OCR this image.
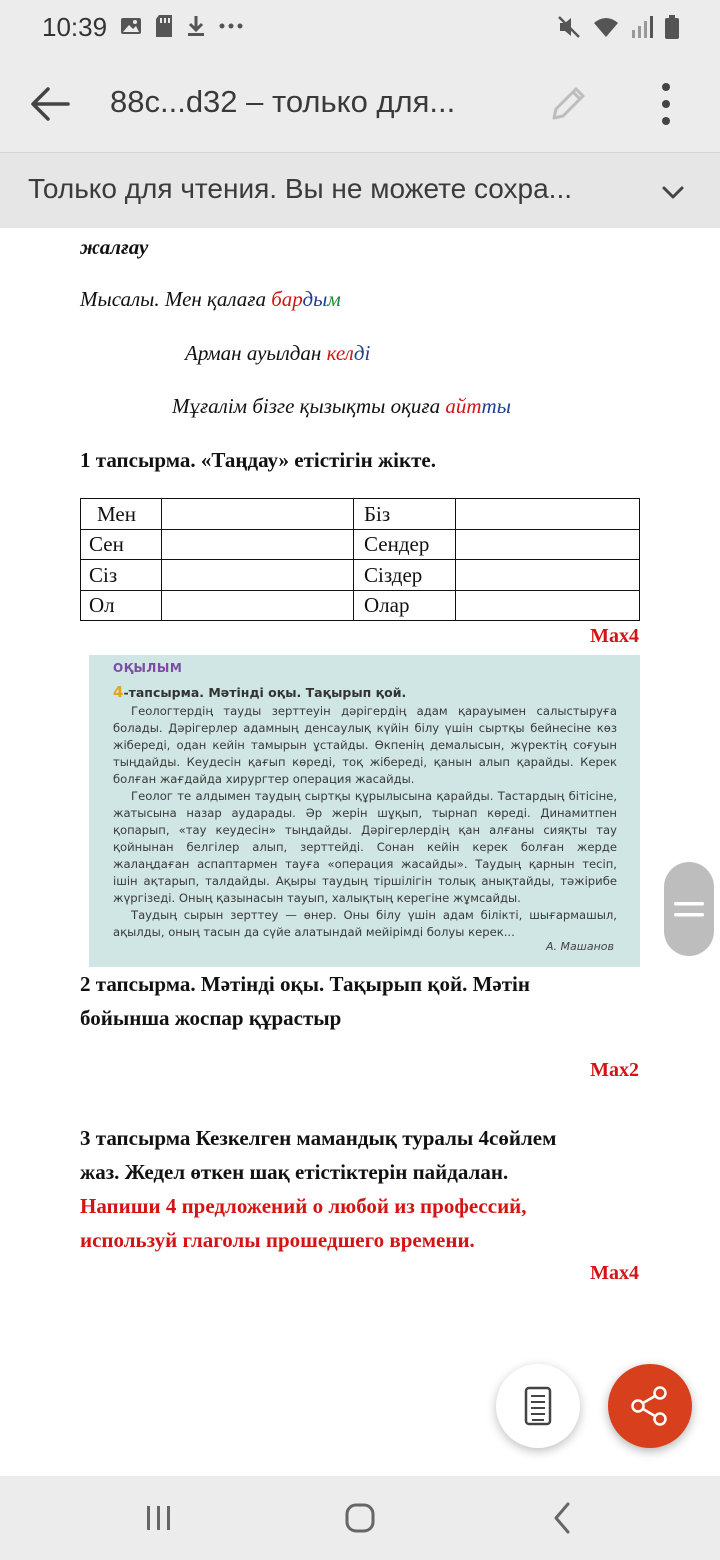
10:39
88c...d32 – только для...
Только для чтения. Вы не можете сохра...
жалғау
Мысалы. Мен қалаға бардым
Арман ауылдан келді
Мұғалім бізге қызықты оқиға айтты
1 тапсырма. «Таңдау» етістігін жікте.
Мен		Біз	
Сен		Сендер	
Сіз		Сіздер	
Ол		Олар	
Max4
ОҚЫЛЫМ
4-тапсырма. Мәтінді оқы. Тақырып қой.

Геологтердің тауды зерттеуін дәрігердің адам қарауымен салыстыруға болады. Дәрігерлер адамның денсаулық күйін білу үшін сыртқы бейнесіне көз жібереді, одан кейін тамырын ұстайды. Өкпенің демалысын, жүректің соғуын тыңдайды. Кеудесін қағып көреді, тоқ жібереді, қанын алып қарайды. Керек болған жағдайда хирургтер операция жасайды.

Геолог те алдымен таудың сыртқы құрылысына қарайды. Тастардың бітісіне, жатысына назар аударады. Әр жерін шұқып, тырнап көреді. Динамитпен қопарып, «тау кеудесін» тыңдайды. Дәрігерлердің қан алғаны сияқты тау қойнынан белгілер алып, зерттейді. Сонан кейін керек болған жерде жалаңдаған аспаптармен тауға «операция жасайды». Таудың қарнын тесіп, ішін ақтарып, талдайды. Ақыры таудың тіршілігін толық анықтайды, тәжірибе жүргізеді. Оның қазынасын тауып, халықтың керегіне жұмсайды.

Таудың сырын зерттеу — өнер. Оны білу үшін адам білікті, шығармашыл, ақылды, оның тасын да сүйе алатындай мейірімді болуы керек...

А. Машанов
2 тапсырма. Мәтінді оқы. Тақырып қой. Мәтін
бойынша жоспар құрастыр
Max2
3 тапсырма Кезкелген мамандық туралы 4сөйлем
жаз. Жедел өткен шақ етістіктерін пайдалан.
Напиши 4 предложений о любой из профессий,
используй глаголы прошедшего времени.
Max4
